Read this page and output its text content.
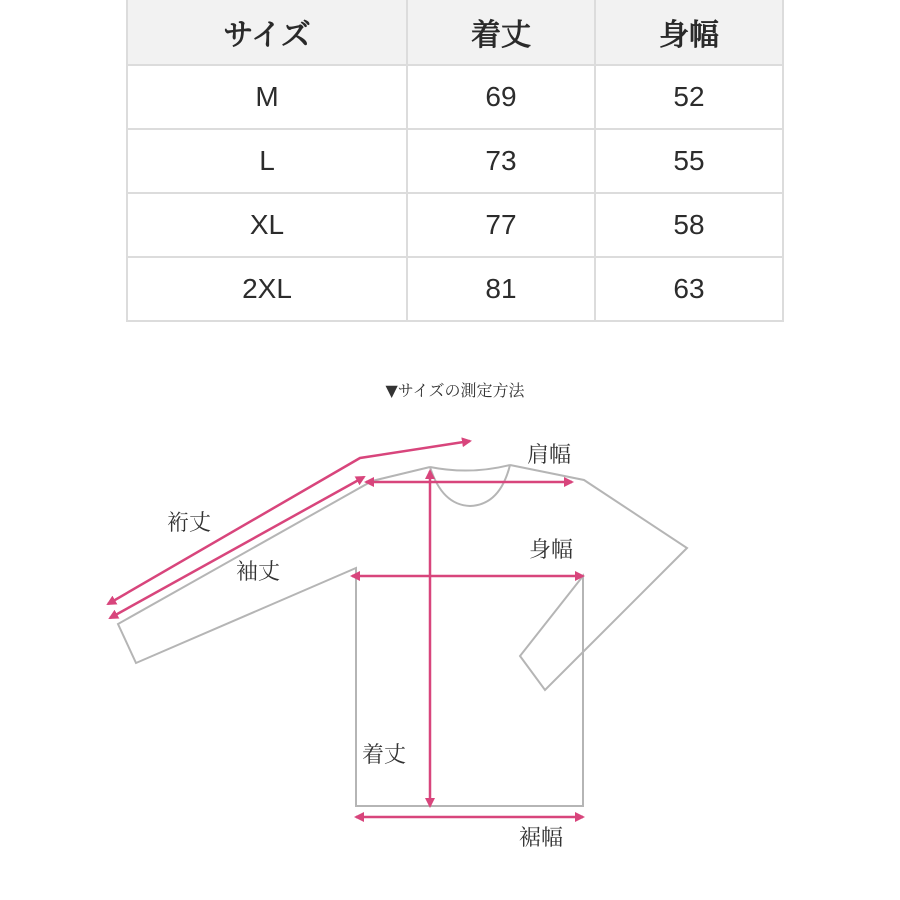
サイズ	着丈	身幅
M	69	52
L	73	55
XL	77	58
2XL	81	63
▼サイズの測定方法
肩幅
裄丈
身幅
袖丈
着丈
裾幅
